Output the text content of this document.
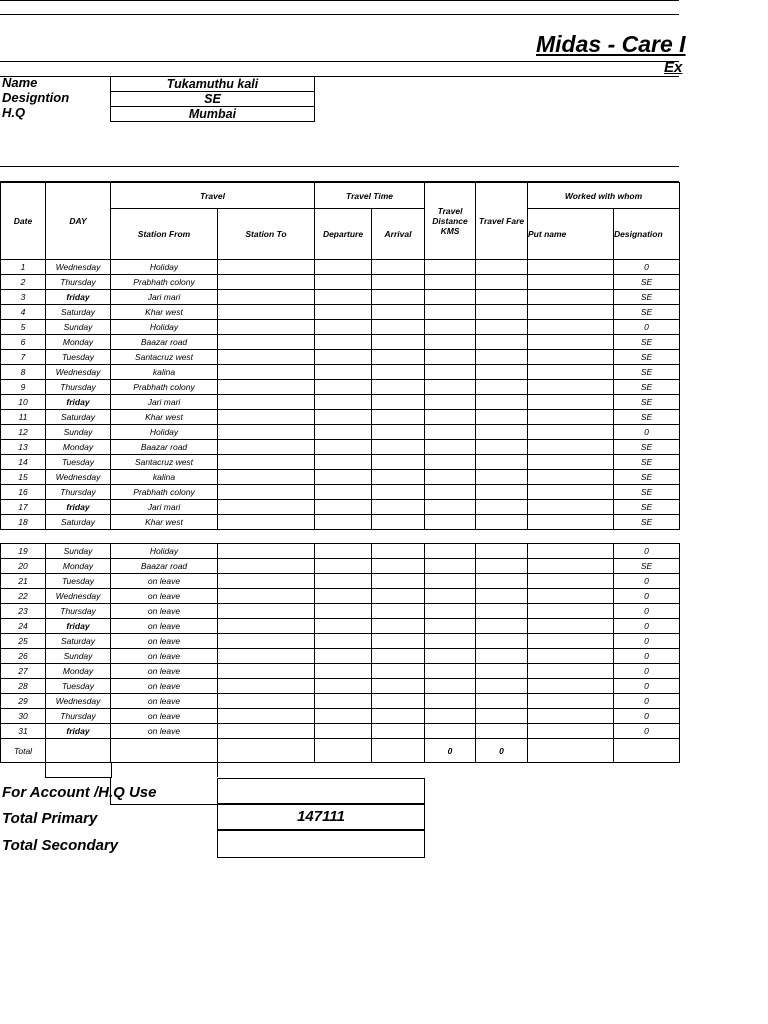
Midas - Care I
Ex
Name	Tukamuthu kali
Designtion	SE
H.Q	Mumbai
Date	DAY	Travel		Travel Time		Travel Distance KMS	Travel Fare	Worked with whom	
		Station From	Station To	Departure	Arrival			Put name	Designation
1	Wednesday	Holiday							0
2	Thursday	Prabhath colony							SE
3	friday	Jari mari							SE
4	Saturday	Khar west							SE
5	Sunday	Holiday							0
6	Monday	Baazar road							SE
7	Tuesday	Santacruz west							SE
8	Wednesday	kalina							SE
9	Thursday	Prabhath colony							SE
10	friday	Jari mari							SE
11	Saturday	Khar west							SE
12	Sunday	Holiday							0
13	Monday	Baazar road							SE
14	Tuesday	Santacruz west							SE
15	Wednesday	kalina							SE
16	Thursday	Prabhath colony							SE
17	friday	Jari mari							SE
18	Saturday	Khar west							SE
19	Sunday	Holiday							0
20	Monday	Baazar road							SE
21	Tuesday	on leave							0
22	Wednesday	on leave							0
23	Thursday	on leave							0
24	friday	on leave							0
25	Saturday	on leave							0
26	Sunday	on leave							0
27	Monday	on leave							0
28	Tuesday	on leave							0
29	Wednesday	on leave							0
30	Thursday	on leave							0
31	friday	on leave							0
Total						0	0		
For Account /H.Q Use
Total Primary	147111
Total Secondary
